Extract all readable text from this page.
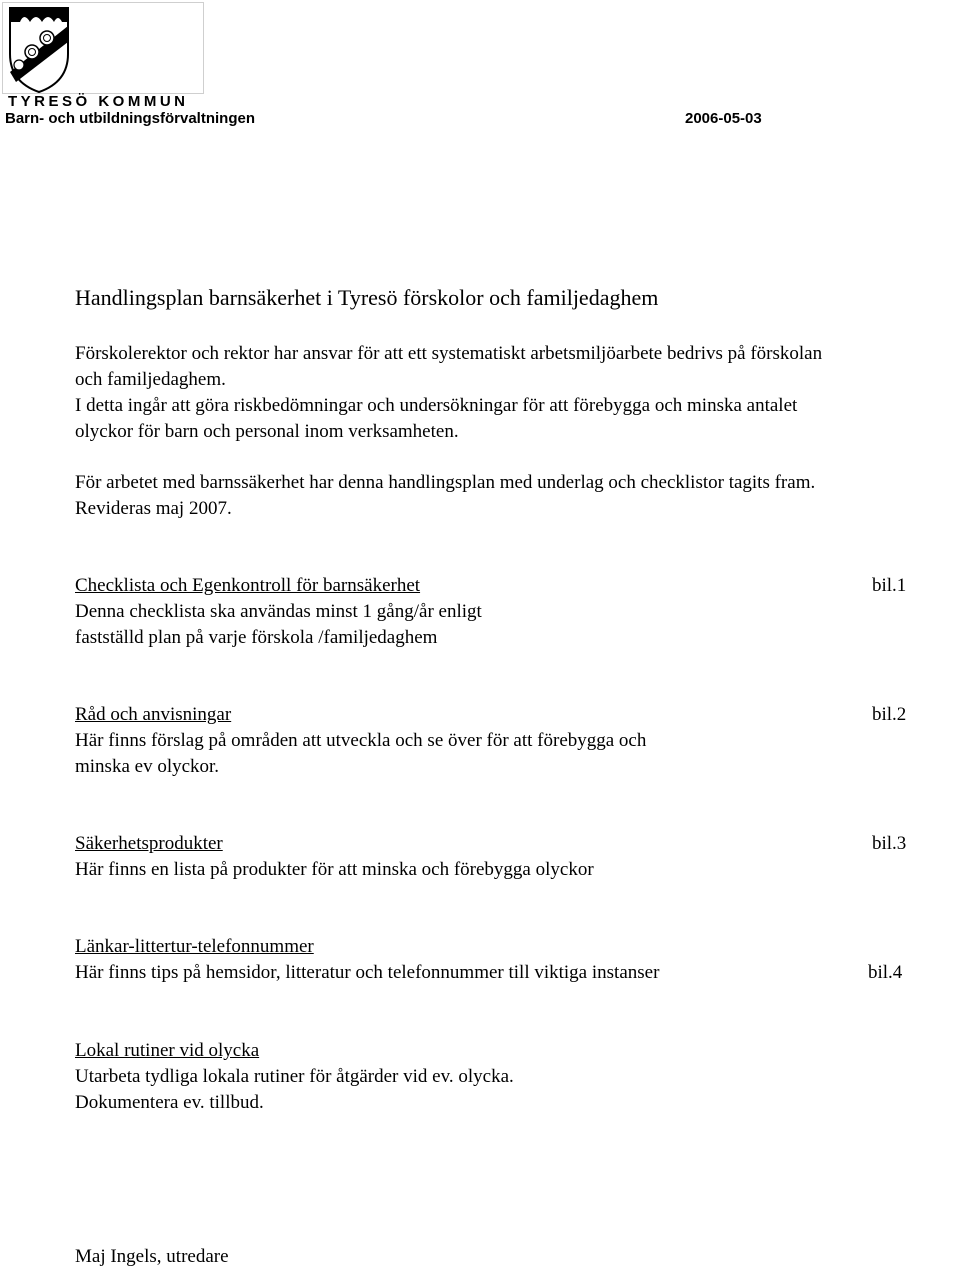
TYRESÖ KOMMUN
Barn- och utbildningsförvaltningen	2006-05-03
Handlingsplan barnsäkerhet i Tyresö förskolor och familjedaghem
Förskolerektor och rektor har ansvar för att ett systematiskt arbetsmiljöarbete bedrivs på förskolan
och familjedaghem.
I detta ingår att göra riskbedömningar och undersökningar för att förebygga och minska antalet
olyckor för barn och personal inom verksamheten.
För arbetet med barnssäkerhet har denna handlingsplan med underlag och checklistor tagits fram.
Revideras maj 2007.
Checklista och Egenkontroll för barnsäkerhet	bil.1
Denna checklista ska användas minst 1 gång/år enligt
fastställd plan på varje förskola /familjedaghem
Råd och anvisningar	bil.2
Här finns förslag på områden att utveckla och se över för att förebygga och
minska ev olyckor.
Säkerhetsprodukter	bil.3
Här finns en lista på produkter för att minska och förebygga olyckor
Länkar-littertur-telefonnummer
Här finns tips på hemsidor, litteratur och telefonnummer till viktiga instanser	bil.4
Lokal rutiner vid olycka
Utarbeta tydliga lokala rutiner för åtgärder vid ev. olycka.
Dokumentera ev. tillbud.
Maj Ingels, utredare
